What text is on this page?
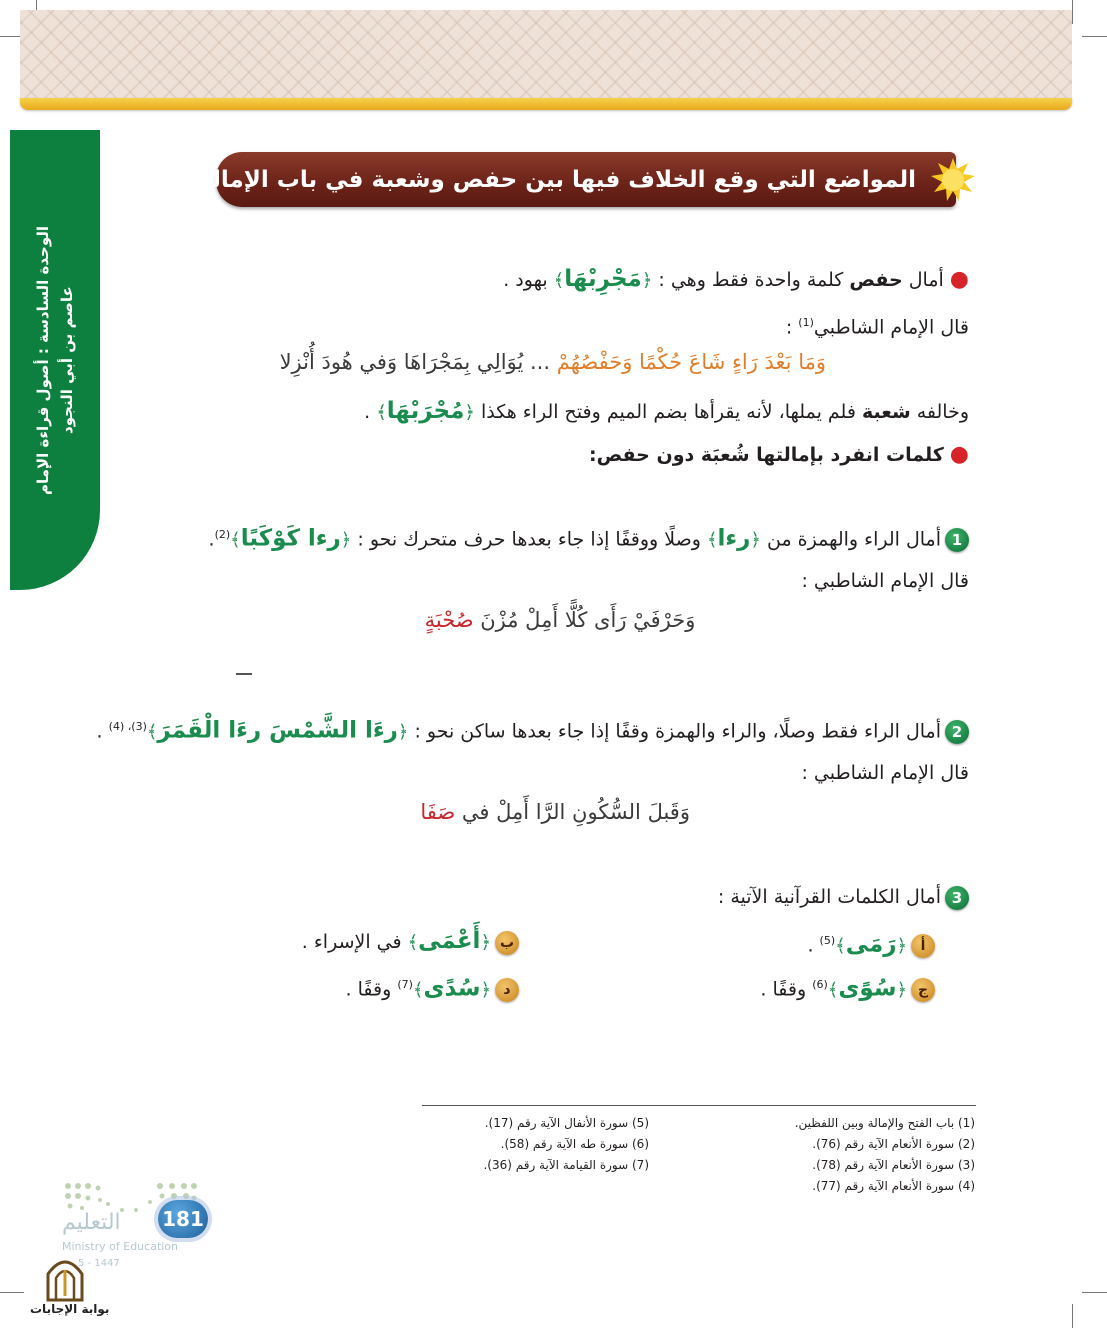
الوحدة السادسة : أصول قراءة الإمام عاصم بن أبي النجود
المواضع التي وقع الخلاف فيها بين حفص وشعبة في باب الإمالة
●أمال حفص كلمة واحدة فقط وهي : ﴿مَجْرِبْهَا﴾ بهود .
قال الإمام الشاطبي$^{(1)}$ :
وَمَا بَعْدَ رَاءٍ شَاعَ حُكْمًا وَحَفْصُهُمْ ... يُوَالِي بِمَجْرَاهَا وَفي هُودَ أُنْزِلا
وخالفه شعبة فلم يملها، لأنه يقرأها بضم الميم وفتح الراء هكذا ﴿مُجْرَبْهَا﴾ .
●كلمات انفرد بإمالتها شُعبَة دون حفص:
1أمال الراء والهمزة من ﴿رءا﴾ وصلًا ووقفًا إذا جاء بعدها حرف متحرك نحو : ﴿رءا كَوْكَبًا﴾$^{(2)}$.
قال الإمام الشاطبي :
وَحَرْفَيْ رَأَى كُلًّا أَمِلْ مُزْنَ صُحْبَةٍ
2أمال الراء فقط وصلًا، والراء والهمزة وقفًا إذا جاء بعدها ساكن نحو : ﴿رءَا الشَّمْسَ رءَا الْقَمَرَ﴾$^{(3)، (4)}$ .
قال الإمام الشاطبي :
وَقَبلَ السُّكُونِ الرَّا أَمِلْ في صَفَا
3أمال الكلمات القرآنية الآتية :
أ﴿رَمَى﴾$^{(5)}$ .
ب﴿أَعْمَى﴾ في الإسراء .
ج﴿سُوًى﴾$^{(6)}$ وقفًا .
د﴿سُدًى﴾$^{(7)}$ وقفًا .
(1) باب الفتح والإمالة وبين اللفظين.
(2) سورة الأنعام الآية رقم (76).
(3) سورة الأنعام الآية رقم (78).
(4) سورة الأنعام الآية رقم (77).
(5) سورة الأنفال الآية رقم (17).
(6) سورة طه الآية رقم (58).
(7) سورة القيامة الآية رقم (36).
التعليم
Ministry of Education
5 - 1447
181
بوابة الإجابات
